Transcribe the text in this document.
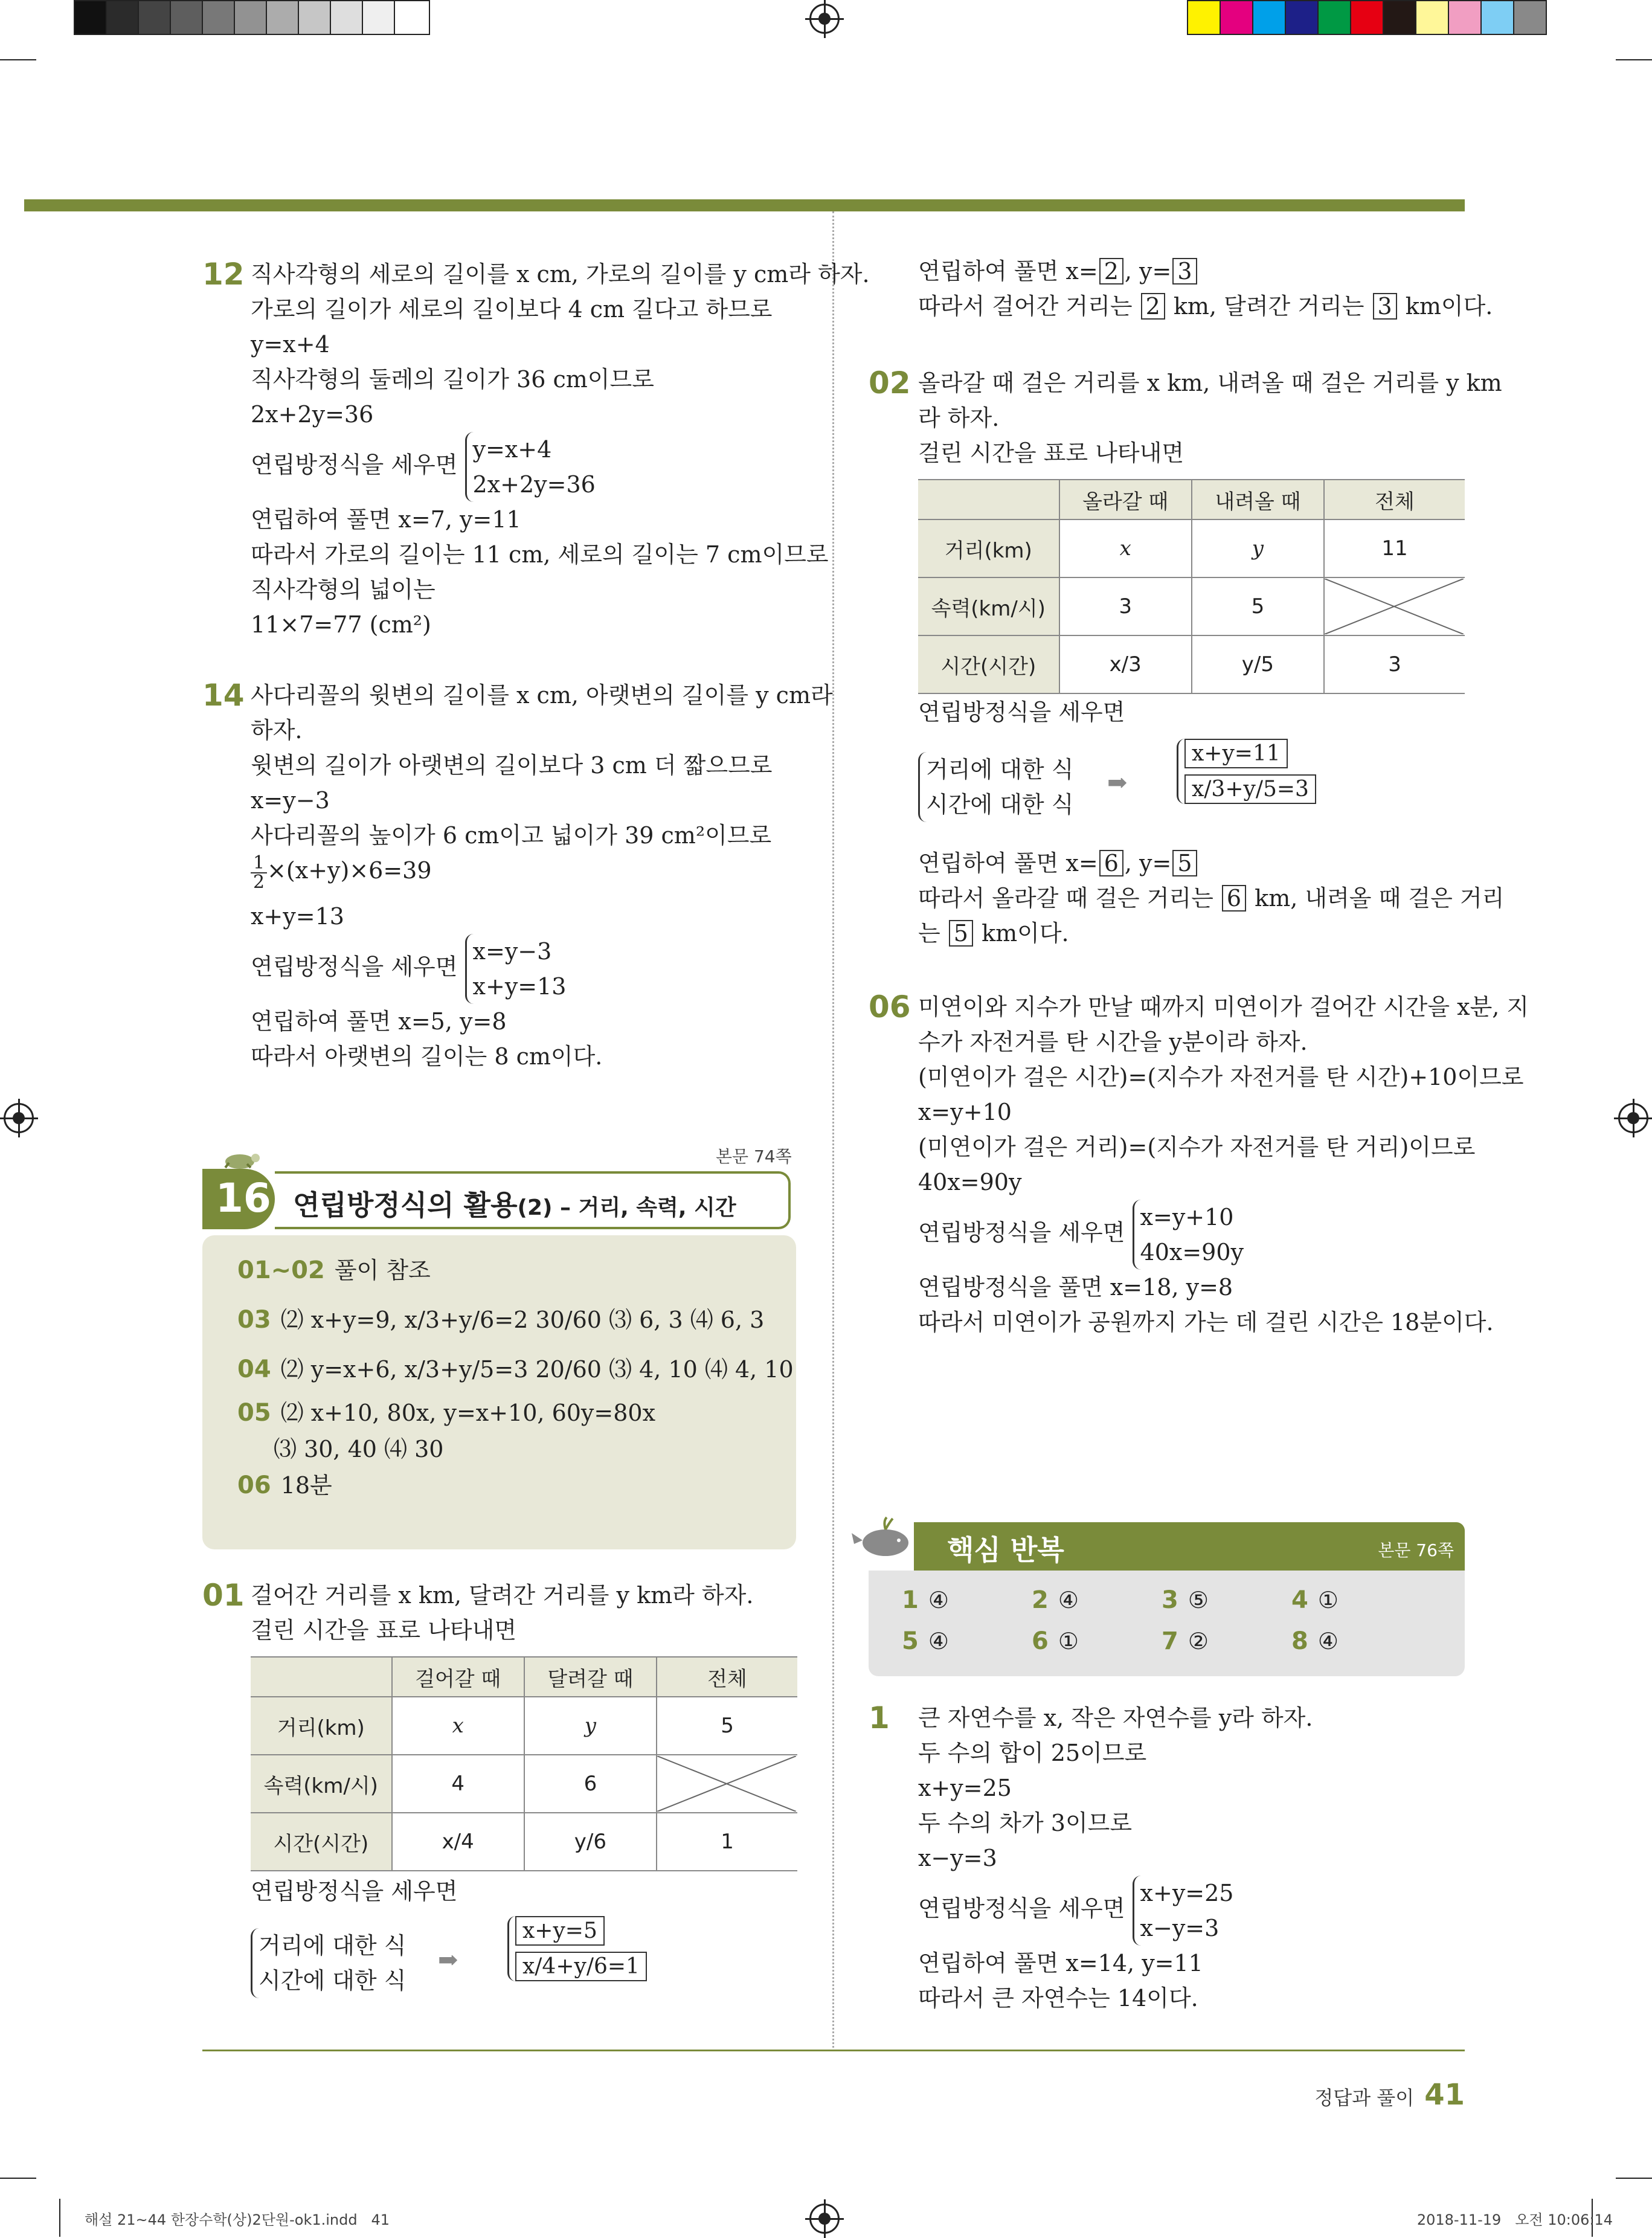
12 직사각형의 세로의 길이를 x cm, 가로의 길이를 y cm라 하자.
가로의 길이가 세로의 길이보다 4 cm 길다고 하므로
y=x+4
직사각형의 둘레의 길이가 36 cm이므로
2x+2y=36
연립방정식을 세우면
y=x+4
2x+2y=36
연립하여 풀면 x=7, y=11
따라서 가로의 길이는 11 cm, 세로의 길이는 7 cm이므로
직사각형의 넓이는
11×7=77 (cm²)
14 사다리꼴의 윗변의 길이를 x cm, 아랫변의 길이를 y cm라
하자.
윗변의 길이가 아랫변의 길이보다 3 cm 더 짧으므로
x=y−3
사다리꼴의 높이가 6 cm이고 넓이가 39 cm²이므로
$\frac{1}{2} \times(x+y)\times 6=39$
x+y=13
연립방정식을 세우면
x=y−3
x+y=13
연립하여 풀면 x=5, y=8
따라서 아랫변의 길이는 8 cm이다.
본문 74쪽
16 연립방정식의 활용(2) – 거리, 속력, 시간
01~02 풀이 참조
03 ⑵ x+y=9, x/3+y/6=2 30/60 ⑶ 6, 3 ⑷ 6, 3
04 ⑵ y=x+6, x/3+y/5=3 20/60 ⑶ 4, 10 ⑷ 4, 10
05 ⑵ x+10, 80x, y=x+10, 60y=80x
⑶ 30, 40 ⑷ 30
06 18분
01 걸어간 거리를 x km, 달려간 거리를 y km라 하자.
걸린 시간을 표로 나타내면
	걸어갈 때	달려갈 때	전체
거리(km)	x	y	5
속력(km/시)	4	6	

시간(시간)	x/4	y/6	1
연립방정식을 세우면
거리에 대한 식
시간에 대한 식
➡
x+y=5
x/4+y/6=1
연립하여 풀면 x= 2 , y= 3
따라서 걸어간 거리는 2 km, 달려간 거리는 3 km이다.
02 올라갈 때 걸은 거리를 x km, 내려올 때 걸은 거리를 y km
라 하자.
걸린 시간을 표로 나타내면
	올라갈 때	내려올 때	전체
거리(km)	x	y	11
속력(km/시)	3	5	

시간(시간)	x/3	y/5	3
연립방정식을 세우면
거리에 대한 식
시간에 대한 식
➡
x+y=11
x/3+y/5=3
연립하여 풀면 x= 6 , y= 5
따라서 올라갈 때 걸은 거리는 6 km, 내려올 때 걸은 거리
는 5 km이다.
06 미연이와 지수가 만날 때까지 미연이가 걸어간 시간을 x분, 지
수가 자전거를 탄 시간을 y분이라 하자.
(미연이가 걸은 시간)=(지수가 자전거를 탄 시간)+10이므로
x=y+10
(미연이가 걸은 거리)=(지수가 자전거를 탄 거리)이므로
40x=90y
연립방정식을 세우면
x=y+10
40x=90y
연립방정식을 풀면 x=18, y=8
따라서 미연이가 공원까지 가는 데 걸린 시간은 18분이다.
핵심 반복	본문 76쪽
1 ④	2 ④	3 ⑤	4 ①
5 ④	6 ①	7 ②	8 ④
1 큰 자연수를 x, 작은 자연수를 y라 하자.
두 수의 합이 25이므로
x+y=25
두 수의 차가 3이므로
x−y=3
연립방정식을 세우면
x+y=25
x−y=3
연립하여 풀면 x=14, y=11
따라서 큰 자연수는 14이다.
정답과 풀이 41
해설 21~44 한장수학(상)2단원-ok1.indd   41	2018-11-19   오전 10:06:14
